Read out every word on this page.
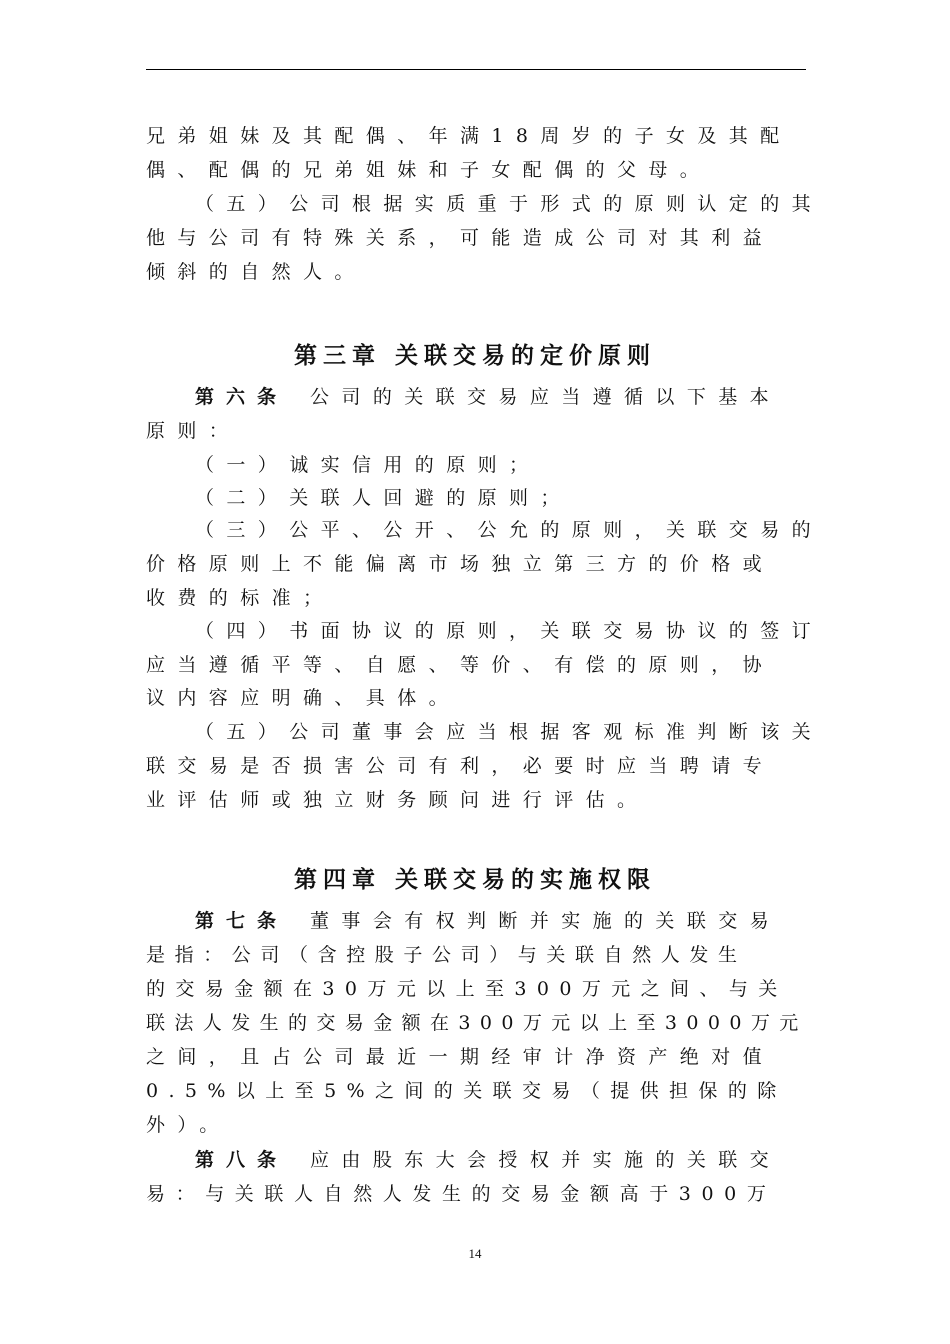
兄弟姐妹及其配偶、年满18周岁的子女及其配
偶、配偶的兄弟姐妹和子女配偶的父母。
（五）公司根据实质重于形式的原则认定的其
他与公司有特殊关系，可能造成公司对其利益
倾斜的自然人。
第三章 关联交易的定价原则
第六条 公司的关联交易应当遵循以下基本
原则：
（一）诚实信用的原则；
（二）关联人回避的原则；
（三）公平、公开、公允的原则，关联交易的
价格原则上不能偏离市场独立第三方的价格或
收费的标准；
（四）书面协议的原则，关联交易协议的签订
应当遵循平等、自愿、等价、有偿的原则，协
议内容应明确、具体。
（五）公司董事会应当根据客观标准判断该关
联交易是否损害公司有利，必要时应当聘请专
业评估师或独立财务顾问进行评估。
第四章 关联交易的实施权限
第七条 董事会有权判断并实施的关联交易
是指：公司（含控股子公司）与关联自然人发生
的交易金额在30万元以上至300万元之间、与关
联法人发生的交易金额在300万元以上至3000万元
之间，且占公司最近一期经审计净资产绝对值
0.5%以上至5%之间的关联交易（提供担保的除
外）。
第八条 应由股东大会授权并实施的关联交
易：与关联人自然人发生的交易金额高于300万
14
